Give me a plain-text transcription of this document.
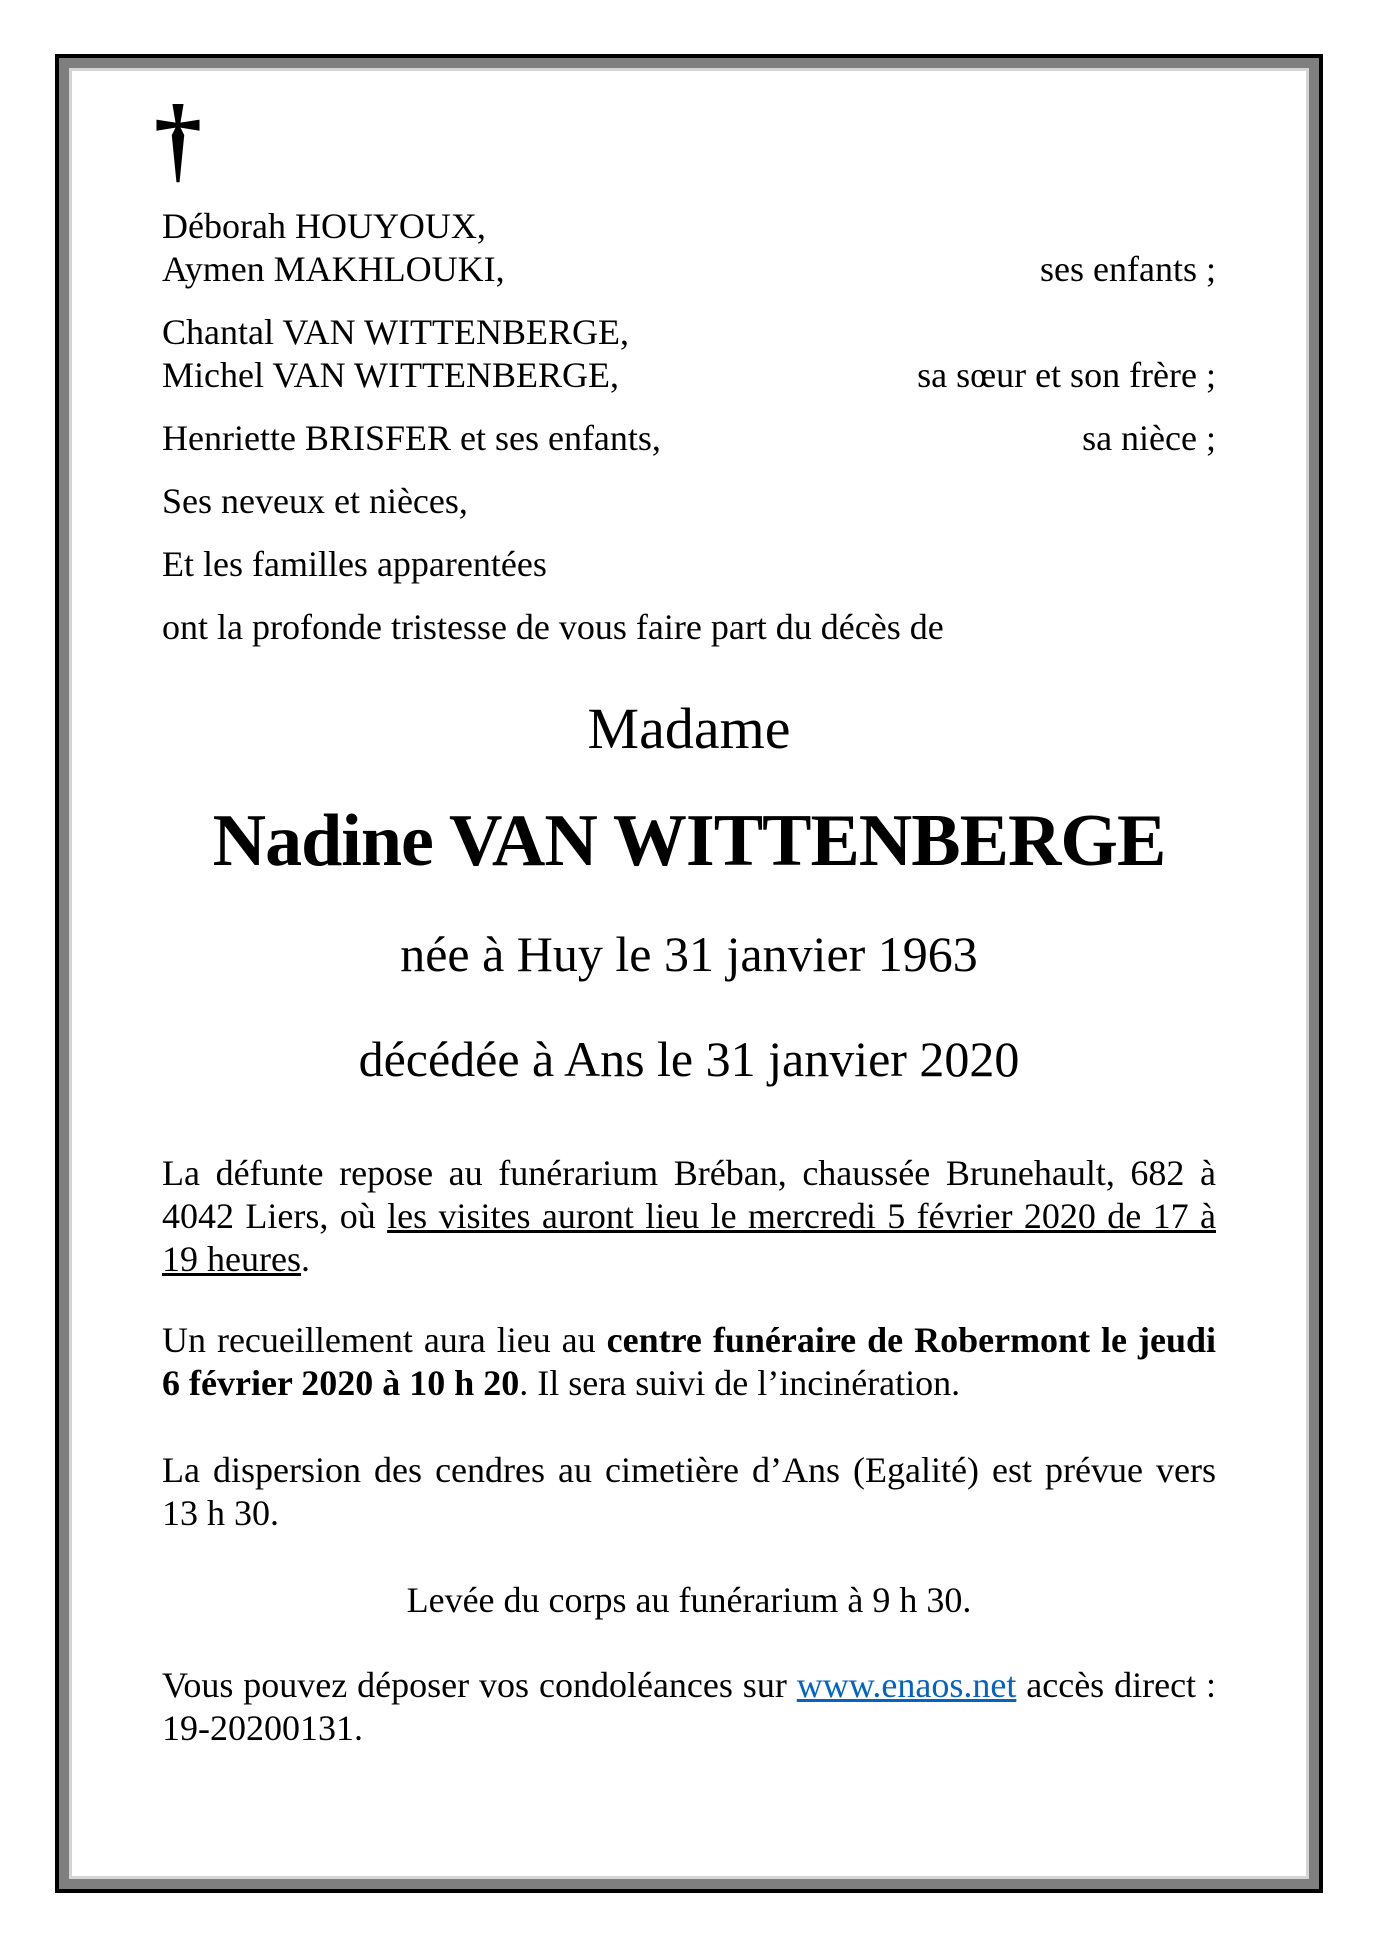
†
Déborah HOUYOUX,
Aymen MAKHLOUKI,	ses enfants ;
Chantal VAN WITTENBERGE,
Michel VAN WITTENBERGE,	sa sœur et son frère ;
Henriette BRISFER et ses enfants,	sa nièce ;
Ses neveux et nièces,
Et les familles apparentées
ont la profonde tristesse de vous faire part du décès de
Madame
Nadine VAN WITTENBERGE
née à Huy le 31 janvier 1963
décédée à Ans le 31 janvier 2020

La défunte repose au funérarium Bréban, chaussée Brunehault, 682 à 4042 Liers, où les visites auront lieu le mercredi 5 février 2020 de 17 à 19 heures.

Un recueillement aura lieu au centre funéraire de Robermont le jeudi 6 février 2020 à 10 h 20. Il sera suivi de l’incinération.

La dispersion des cendres au cimetière d’Ans (Egalité) est prévue vers 13 h 30.

Levée du corps au funérarium à 9 h 30.

Vous pouvez déposer vos condoléances sur www.enaos.net accès direct : 19-20200131.
